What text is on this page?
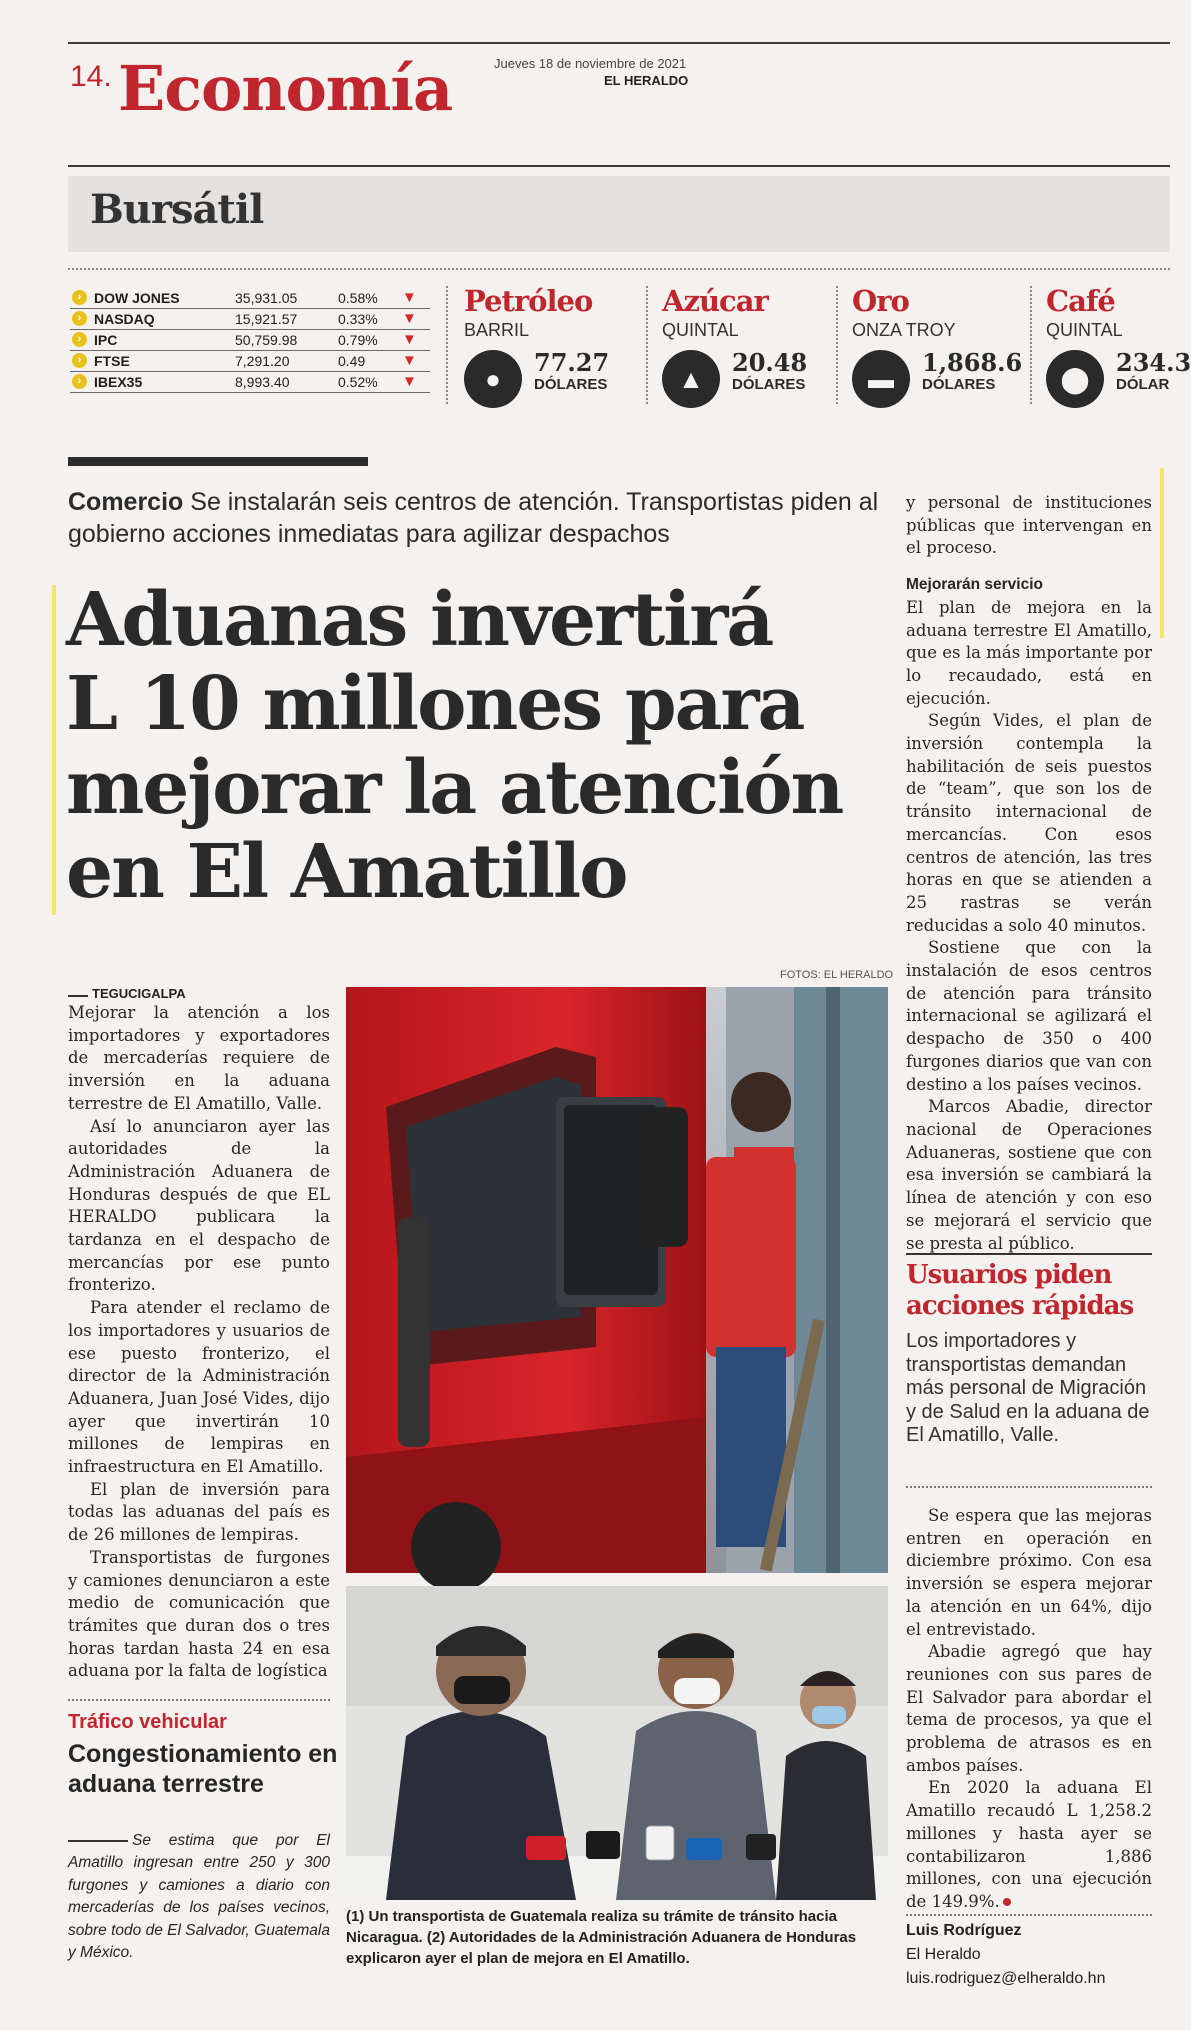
14. Economía	Jueves 18 de noviembre de 2021
EL HERALDO
Bursátil
› DOW JONES	35,931.05	0.58% ▼
› NASDAQ	15,921.57	0.33% ▼
› IPC	50,759.98	0.79% ▼
› FTSE	7,291.20	0.49 ▼
› IBEX35	8,993.40	0.52% ▼
Petróleo
BARRIL
●
77.27
DÓLARES
Azúcar
QUINTAL
▲
20.48
DÓLARES
Oro
ONZA TROY
▬
1,868.6
DÓLARES
Café
QUINTAL
⬤
234.3
DÓLAR
Comercio Se instalarán seis centros de atención. Transportistas piden al gobierno acciones inmediatas para agilizar despachos
Aduanas invertirá
L 10 millones para
mejorar la atención
en El Amatillo
TEGUCIGALPA

Mejorar la atención a los importadores y exportadores de mercaderías requiere de inversión en la aduana terrestre de El Amatillo, Valle.

Así lo anunciaron ayer las autoridades de la Administración Aduanera de Honduras después de que EL HERALDO publicara la tardanza en el despacho de mercancías por ese punto fronterizo.

Para atender el reclamo de los importadores y usuarios de ese puesto fronterizo, el director de la Administración Aduanera, Juan José Vides, dijo ayer que invertirán 10 millones de lempiras en infraestructura en El Amatillo.

El plan de inversión para todas las aduanas del país es de 26 millones de lempiras.

Transportistas de furgones y camiones denunciaron a este medio de comunicación que trámites que duran dos o tres horas tardan hasta 24 en esa aduana por la falta de logística

Tráfico vehicular
Congestionamiento en aduana terrestre
Se estima que por El Amatillo ingresan entre 250 y 300 furgones y camiones a diario con mercaderías de los países vecinos, sobre todo de El Salvador, Guatemala y México.
FOTOS: EL HERALDO
(1) Un transportista de Guatemala realiza su trámite de tránsito hacia Nicaragua. (2) Autoridades de la Administración Aduanera de Honduras explicaron ayer el plan de mejora en El Amatillo.

y personal de instituciones públicas que intervengan en el proceso.

Mejorarán servicio

El plan de mejora en la aduana terrestre El Amatillo, que es la más importante por lo recaudado, está en ejecución.

Según Vides, el plan de inversión contempla la habilitación de seis puestos de “team”, que son los de tránsito internacional de mercancías. Con esos centros de atención, las tres horas en que se atienden a 25 rastras se verán reducidas a solo 40 minutos.

Sostiene que con la instalación de esos centros de atención para tránsito internacional se agilizará el despacho de 350 o 400 furgones diarios que van con destino a los países vecinos.

Marcos Abadie, director nacional de Operaciones Aduaneras, sostiene que con esa inversión se cambiará la línea de atención y con eso se mejorará el servicio que se presta al público.

Usuarios piden acciones rápidas
Los importadores y transportistas demandan más personal de Migración y de Salud en la aduana de El Amatillo, Valle.

Se espera que las mejoras entren en operación en diciembre próximo. Con esa inversión se espera mejorar la atención en un 64%, dijo el entrevistado.

Abadie agregó que hay reuniones con sus pares de El Salvador para abordar el tema de procesos, ya que el problema de atrasos es en ambos países.

En 2020 la aduana El Amatillo recaudó L 1,258.2 millones y hasta ayer se contabilizaron 1,886 millones, con una ejecución de 149.9%.

Luis Rodríguez
El Heraldo
luis.rodriguez@elheraldo.hn
